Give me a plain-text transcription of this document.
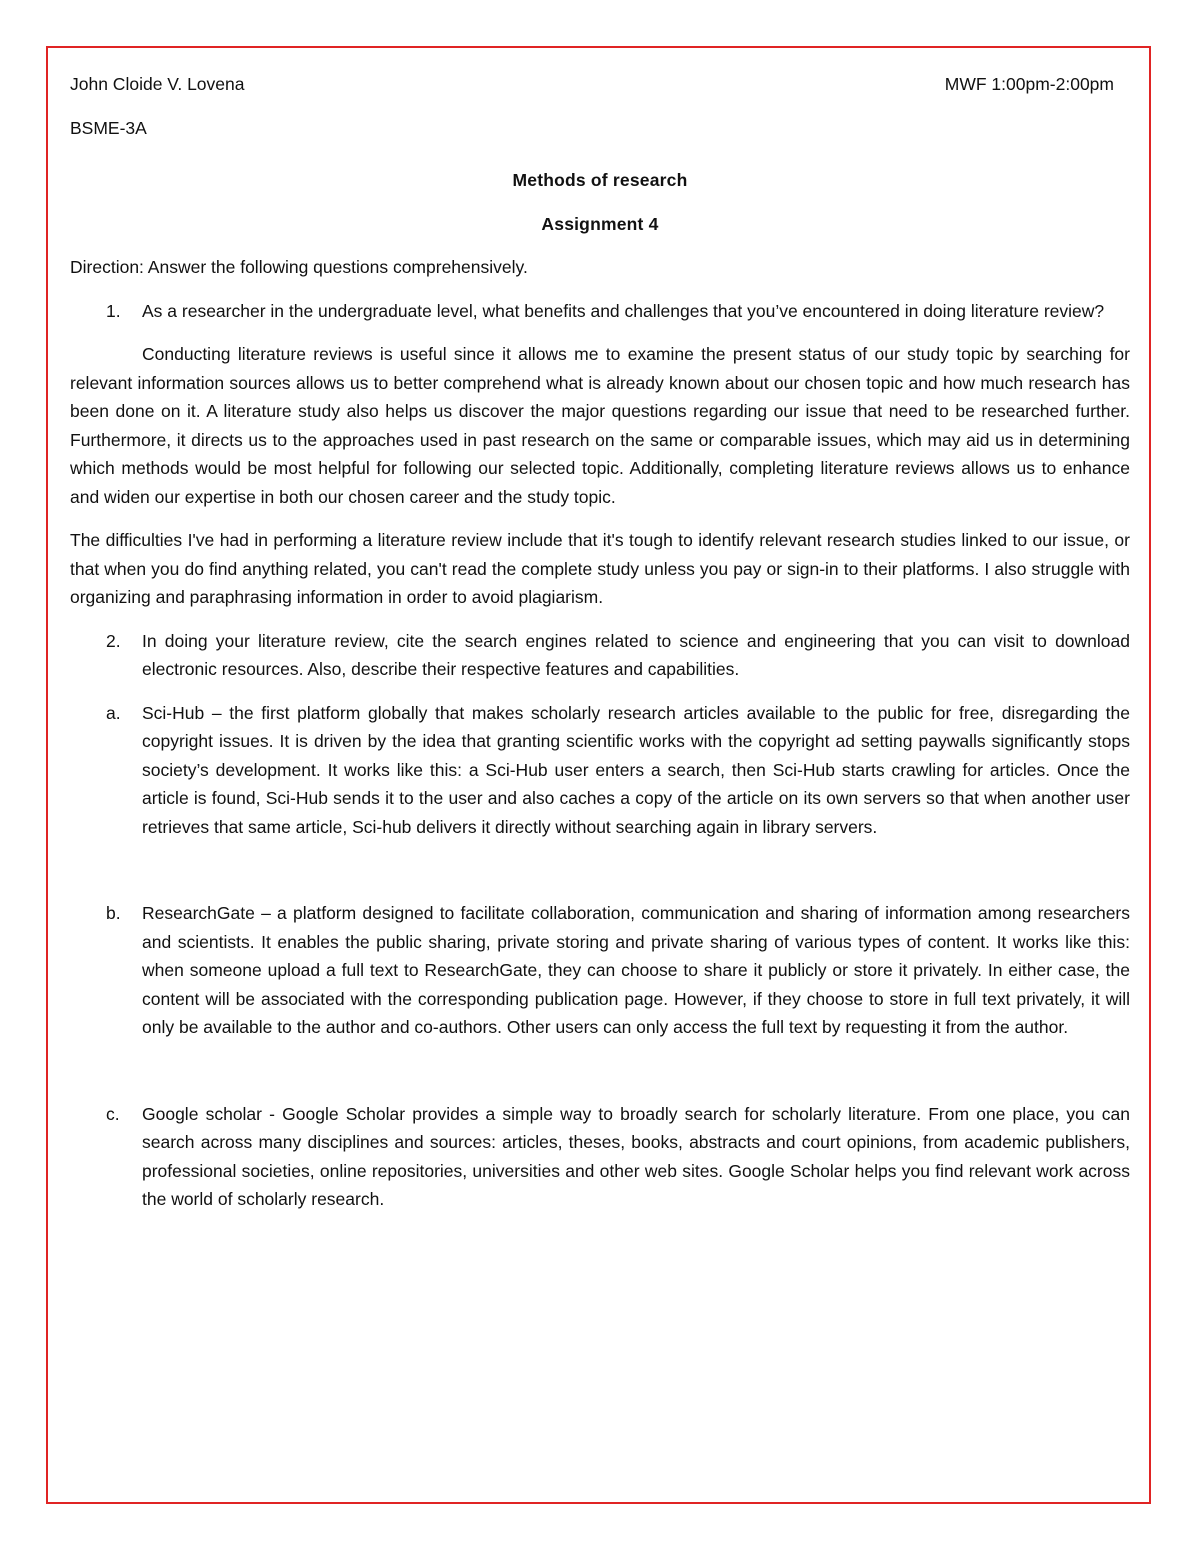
John Cloide V. Lovena	MWF 1:00pm-2:00pm

BSME-3A

Methods of research

Assignment 4

Direction: Answer the following questions comprehensively.

1.	As a researcher in the undergraduate level, what benefits and challenges that you’ve encountered in doing literature review?

Conducting literature reviews is useful since it allows me to examine the present status of our study topic by searching for relevant information sources allows us to better comprehend what is already known about our chosen topic and how much research has been done on it. A literature study also helps us discover the major questions regarding our issue that need to be researched further. Furthermore, it directs us to the approaches used in past research on the same or comparable issues, which may aid us in determining which methods would be most helpful for following our selected topic. Additionally, completing literature reviews allows us to enhance and widen our expertise in both our chosen career and the study topic.

The difficulties I've had in performing a literature review include that it's tough to identify relevant research studies linked to our issue, or that when you do find anything related, you can't read the complete study unless you pay or sign-in to their platforms. I also struggle with organizing and paraphrasing information in order to avoid plagiarism.

2.	In doing your literature review, cite the search engines related to science and engineering that you can visit to download electronic resources. Also, describe their respective features and capabilities.
a.	Sci-Hub – the first platform globally that makes scholarly research articles available to the public for free, disregarding the copyright issues. It is driven by the idea that granting scientific works with the copyright ad setting paywalls significantly stops society’s development. It works like this: a Sci-Hub user enters a search, then Sci-Hub starts crawling for articles. Once the article is found, Sci-Hub sends it to the user and also caches a copy of the article on its own servers so that when another user retrieves that same article, Sci-hub delivers it directly without searching again in library servers.
b.	ResearchGate – a platform designed to facilitate collaboration, communication and sharing of information among researchers and scientists. It enables the public sharing, private storing and private sharing of various types of content. It works like this: when someone upload a full text to ResearchGate, they can choose to share it publicly or store it privately. In either case, the content will be associated with the corresponding publication page. However, if they choose to store in full text privately, it will only be available to the author and co-authors. Other users can only access the full text by requesting it from the author.
c.	Google scholar - Google Scholar provides a simple way to broadly search for scholarly literature. From one place, you can search across many disciplines and sources: articles, theses, books, abstracts and court opinions, from academic publishers, professional societies, online repositories, universities and other web sites. Google Scholar helps you find relevant work across the world of scholarly research.
